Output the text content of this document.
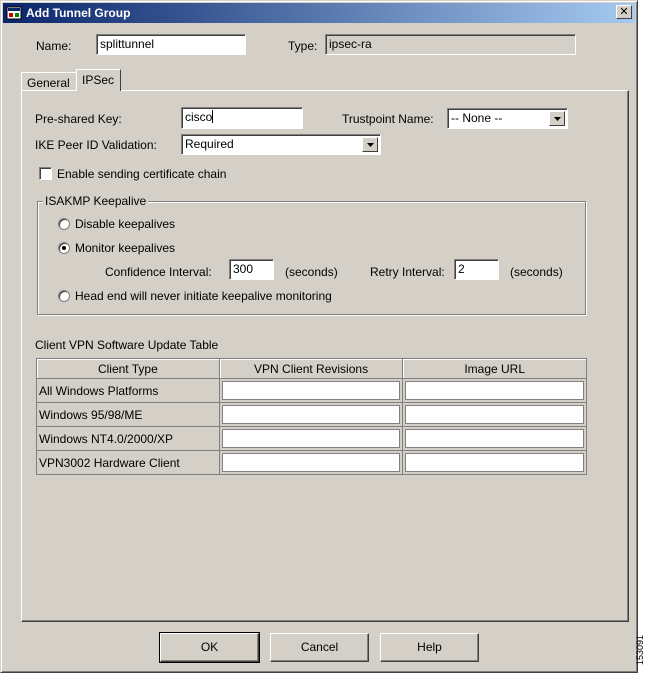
Add Tunnel Group	✕
Name:	splittunnel	Type: ipsec-ra
General	IPSec
Pre-shared Key:	cisco	Trustpoint Name:	-- None --
IKE Peer ID Validation:	Required
Enable sending certificate chain
ISAKMP Keepalive
Disable keepalives
Monitor keepalives
Confidence Interval:	300	(seconds)	Retry Interval:	2	(seconds)
Head end will never initiate keepalive monitoring
Client VPN Software Update Table
Client Type	VPN Client Revisions	Image URL
All Windows Platforms	

Windows 95/98/ME	

Windows NT4.0/2000/XP	

VPN3002 Hardware Client	

OK	Cancel	Help	153091
